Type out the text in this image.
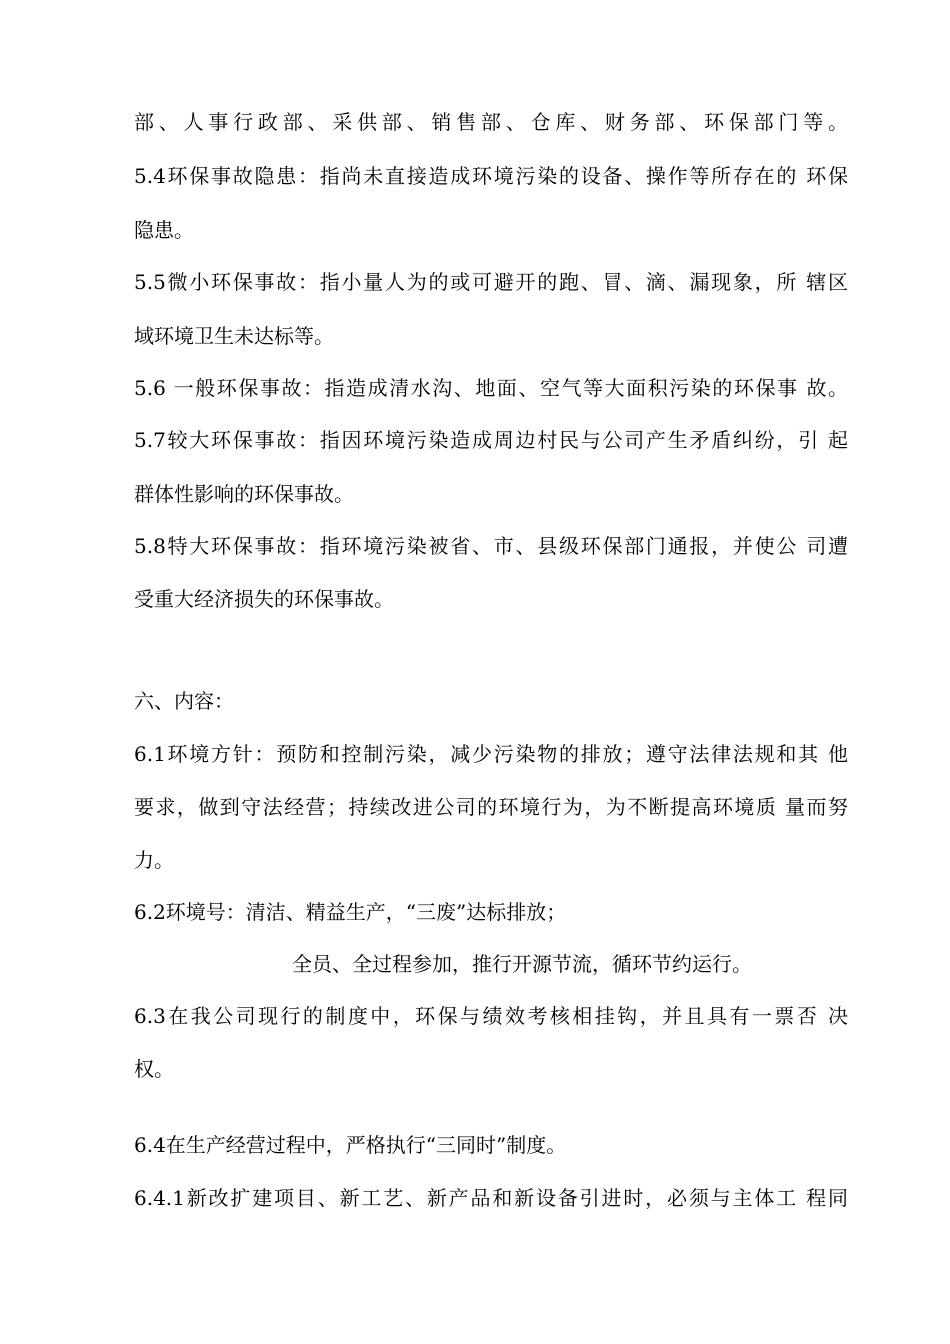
部、人事行政部、采供部、销售部、仓库、财务部、环保部门等。
5.4环保事故隐患：指尚未直接造成环境污染的设备、操作等所存在的 环保
隐患。
5.5微小环保事故：指小量人为的或可避开的跑、冒、滴、漏现象，所 辖区
域环境卫生未达标等。
5.6 一般环保事故：指造成清水沟、地面、空气等大面积污染的环保事 故。
5.7较大环保事故：指因环境污染造成周边村民与公司产生矛盾纠纷，引 起
群体性影响的环保事故。
5.8特大环保事故：指环境污染被省、市、县级环保部门通报，并使公 司遭
受重大经济损失的环保事故。
六、内容：
6.1环境方针：预防和控制污染，减少污染物的排放；遵守法律法规和其 他
要求，做到守法经营；持续改进公司的环境行为，为不断提高环境质 量而努
力。
6.2环境号：清洁、精益生产，“三废”达标排放；
全员、全过程参加，推行开源节流，循环节约运行。
6.3在我公司现行的制度中，环保与绩效考核相挂钩，并且具有一票否 决
权。
6.4在生产经营过程中，严格执行“三同时”制度。
6.4.1新改扩建项目、新工艺、新产品和新设备引进时，必须与主体工 程同
